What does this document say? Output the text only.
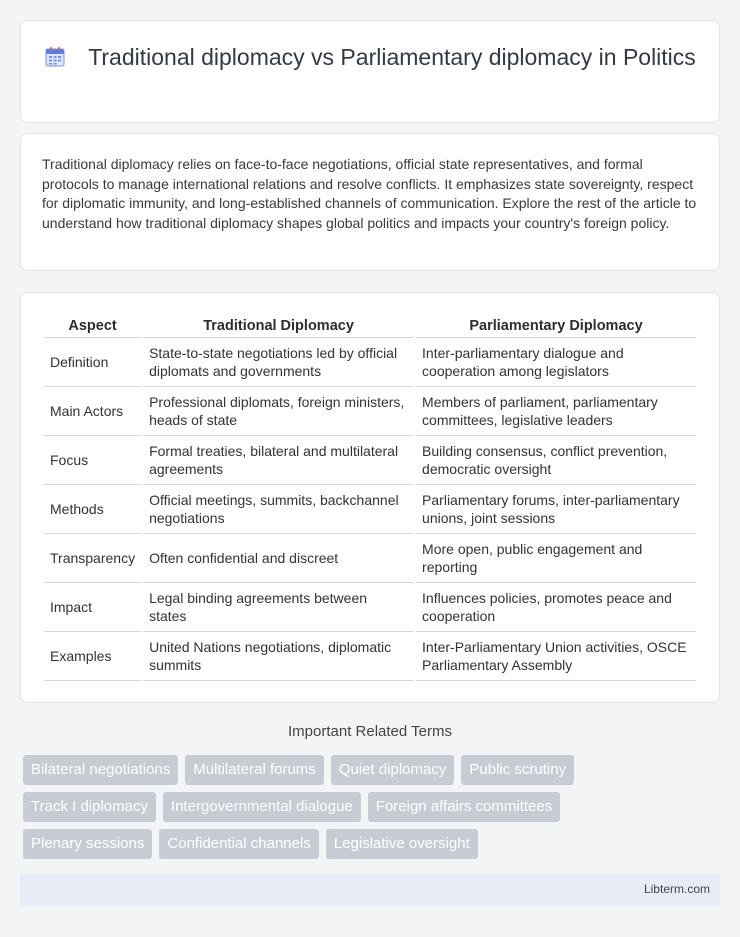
Traditional diplomacy vs Parliamentary diplomacy in Politics

Traditional diplomacy relies on face-to-face negotiations, official state representatives, and formal protocols to manage international relations and resolve conflicts. It emphasizes state sovereignty, respect for diplomatic immunity, and long-established channels of communication. Explore the rest of the article to understand how traditional diplomacy shapes global politics and impacts your country's foreign policy.

Aspect	Traditional Diplomacy	Parliamentary Diplomacy
Definition	State-to-state negotiations led by official diplomats and governments	Inter-parliamentary dialogue and cooperation among legislators
Main Actors	Professional diplomats, foreign ministers, heads of state	Members of parliament, parliamentary committees, legislative leaders
Focus	Formal treaties, bilateral and multilateral agreements	Building consensus, conflict prevention, democratic oversight
Methods	Official meetings, summits, backchannel negotiations	Parliamentary forums, inter-parliamentary unions, joint sessions
Transparency	Often confidential and discreet	More open, public engagement and reporting
Impact	Legal binding agreements between states	Influences policies, promotes peace and cooperation
Examples	United Nations negotiations, diplomatic summits	Inter-Parliamentary Union activities, OSCE Parliamentary Assembly
Important Related Terms
Bilateral negotiations	Multilateral forums	Quiet diplomacy	Public scrutiny
Track I diplomacy	Intergovernmental dialogue	Foreign affairs committees
Plenary sessions	Confidential channels	Legislative oversight
Libterm.com
